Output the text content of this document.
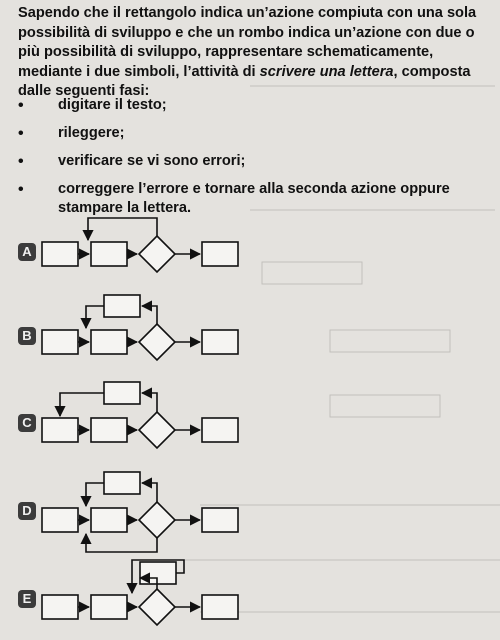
Sapendo che il rettangolo indica un’azione compiuta con una sola possibilità di sviluppo e che un rombo indica un’azione con due o più possibilità di sviluppo, rappresentare schematicamente, mediante i due simboli, l’attività di scrivere una lettera, composta dalle seguenti fasi:
• digitare il testo;
• rileggere;
• verificare se vi sono errori;
• correggere l’errore e tornare alla seconda azione oppure stampare la lettera.
A
B
C
D
E
